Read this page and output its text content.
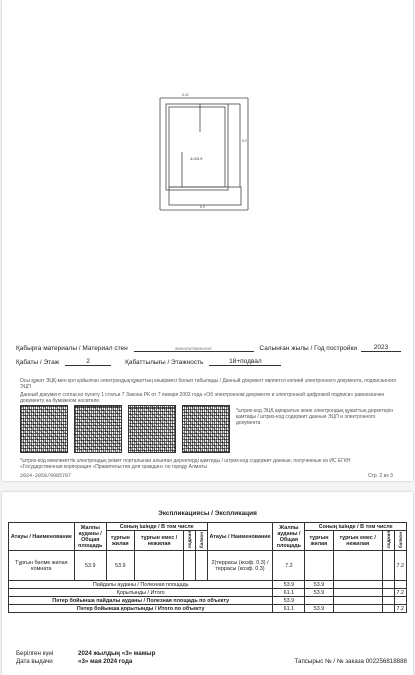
4=53.9
6.22
6.0
6.0
Қабырға материалы / Материал стен	монолит/монолит	Салынған жылы / Год постройки	2023
Қабаты / Этаж	2	Қабаттылығы / Этажность	18+подвал
Осы құжат ЭЦҚ-мен қол қойылған электрондық құжаттың көшірмесі болып табылады / Данный документ является копией электронного документа, подписанного ЭЦП
Данный документ согласно пункту 1 статьи 7 Закона РК от 7 января 2003 года «Об электронном документе и электронной цифровой подписи» равнозначен документу на бумажном носителе.
*штрих-код ЭЦҚ ақпаратын және электрондық құжаттың деректерін қамтиды / штрих-код содержит данные ЭЦП и электронного документа
*штрих-код мемлекеттік электрондық үкімет порталынан алынған деректерді қамтиды / штрих-код содержит данные, полученные из ИС ЕГКН
«Государственная корпорация «Правительство для граждан» по городу Алматы
2024-2050/9985707	Стр. 2 из 3
Экспликациясы / Экспликация
Атауы / Наименование	Жалпы ауданы / Общая площадь	Соның ішінде / В том числе				Атауы / Наименование	Жалпы ауданы / Общая площадь	Соның ішінде / В том числе			
		тұрғын жилая	тұрғын емес / нежилая	лоджия	балкон			тұрғын жилая	тұрғын емес / нежилая	лоджия	балкон
Тұрғын бөлме жилая комната	53.9	53.9				2(террасы (коэф. 0.3) / террасы (коэф. 0.3)	7.2				7.2
Пайдалы ауданы / Полезная площадь							53.9	53.9			
Қорытынды / Итого							61.1	53.9			7.2
Пәтер бойынша пайдалы ауданы / Полезная площадь по объекту							53.9				
Пәтер бойынша қорытынды / Итого по объекту							61.1	53.9			7.2
Берілген күні
Дата выдачи
2024 жылдың «3» мамыр
«3» мая 2024 года	Тапсырыс № / № заказа 002256818888
